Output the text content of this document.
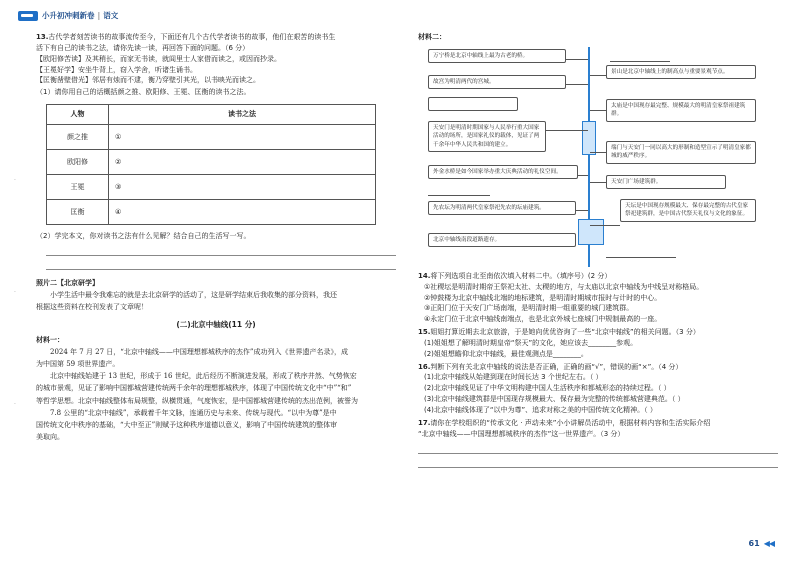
小升初冲刺新卷 | 语文
·
·
·

13.古代学者刻苦读书的故事流传至今，下面还有几个古代学者读书的故事，他们在艰苦的读书生

活下有自己的读书之法，请你先读一读，再回答下面的问题。（6 分）

【欧阳修苦读】及其稍长，而家无书读，就闾里士人家借而读之，或因而抄录。

【王冕好学】安坐牛背上，窃入学舍，听诸生诵书。

【匡衡凿壁借光】邻居有烛而不逮，衡乃穿壁引其光，以书映光而读之。

（1）请你用自己的话概括颜之推、欧阳修、王冕、匡衡的读书之法。

人物	读书之法
颜之推	①
欧阳修	②
王冕	③
匡衡	④

（2）学完本文，你对读书之法有什么见解？结合自己的生活写一写。

照片二【北京研学】

小学生活中最令我难忘的就是去北京研学的活动了，这是研学结束后我收集的部分资料，我还

根据这些资料在校刊发表了文章呢！

(二)北京中轴线(11 分)

材料一：

2024 年 7 月 27 日，“北京中轴线——中国理想都城秩序的杰作”成功列入《世界遗产名录》，成

为中国第 59 项世界遗产。

北京中轴线始建于 13 世纪，形成于 16 世纪，此后经历不断演进发展，形成了秩序井然、气势恢宏

的城市景观，见证了影响中国都城营建传统两千余年的理想都城秩序，体现了中国传统文化中“中”“和”

等哲学思想。北京中轴线整体布局规整，纵横贯通，气度恢宏，是中国都城营建传统的杰出范例，被誉为

7.8 公里的“北京中轴线”，承载着千年文脉，连通历史与未来、传统与现代。“以中为尊”是中

国传统文化中秩序的基础，“大中至正”则赋予这种秩序道德以意义，影响了中国传统建筑的整体审

美取向。

材料二：

万宁桥是北京中轴线上最为古老的桥。
故宫为明清两代的宫城。
天安门是明清时期国家与人民举行重大国家活动的场所，是国家礼仪的载体，见证了两千余年中华人民共和国的建立。
外金水桥是如今国家举办重大庆典活动的礼仪空间。
先农坛为明清两代皇家祭祀先农的坛庙建筑。
北京中轴线南段道路遗存。
景山是北京中轴线上的制高点与重要景观节点。
太庙是中国现存最完整、规模最大的明清皇家祭祖建筑群。
端门与天安门一同以高大的形制和造型宣示了明清皇家都城的威严秩序。
天安门广场建筑群。
天坛是中国现存规模最大、保存最完整的古代皇家祭祀建筑群，是中国古代祭天礼仪与文化的象征。

14.将下列选项自北至南依次填入材料二中。（填序号）(2 分）

①社稷坛是明清时期帝王祭祀太社、太稷的地方，与太庙以北京中轴线为中线呈对称格局。

②钟鼓楼为北京中轴线北端的地标建筑，是明清时期城市报时与计时的中心。

③正阳门位于天安门广场南端，是明清时期一组重要的城门建筑群。

④永定门位于北京中轴线南端点，也是北京外城七座城门中规制最高的一座。

15.姐姐打算近期去北京旅游，于是她向优优咨询了一些“北京中轴线”的相关问题。（3 分）

(1)姐姐想了解明清时期皇帝“祭天”的文化，她应该去________参观。

(2)姐姐想瞻仰北京中轴线，最佳观测点是________。

16.判断下列有关北京中轴线的说法是否正确，正确的画“√”，错误的画“×”。（4 分）

(1)北京中轴线从始建到现在时间长达 3 个世纪左右。（ ）

(2)北京中轴线见证了中华文明构建中国人生活秩序和都城形态的持续过程。（ ）

(3)北京中轴线建筑群是中国现存规模最大、保存最为完整的传统都城营建典范。（ ）

(4)北京中轴线体现了“以中为尊”、追求对称之美的中国传统文化精神。（ ）

17.请你在学校组织的“传承文化 · 声动未来”小小讲解员活动中，根据材料内容和生活实际介绍

“北京中轴线——中国理想都城秩序的杰作”这一世界遗产。（3 分）

61 ◀◀
